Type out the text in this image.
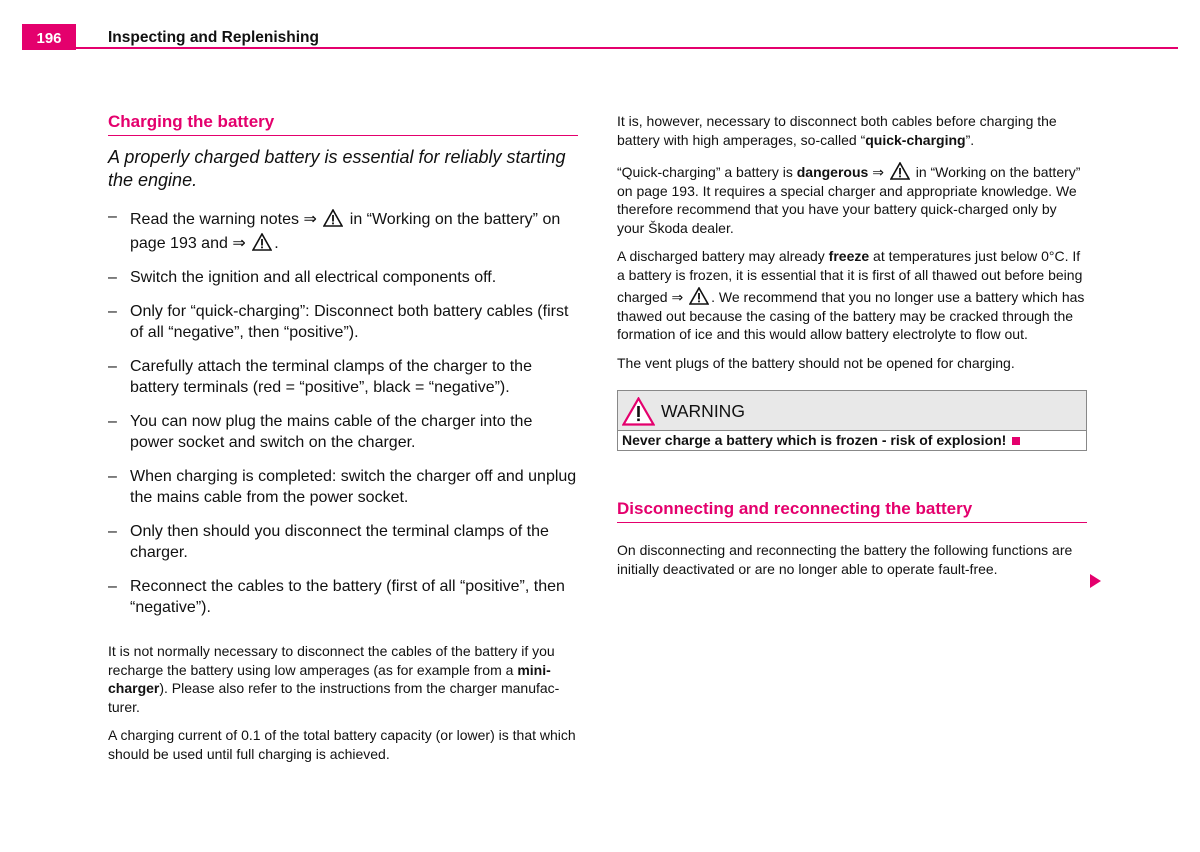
196	Inspecting and Replenishing
Charging the battery
A properly charged battery is essential for reliably starting the engine.
– Read the warning notes ⇒
in “Working on the battery” on page 193 and ⇒ .
– Switch the ignition and all electrical components off.
– Only for “quick-charging”: Disconnect both battery cables (first of all “negative”, then “positive”).
– Carefully attach the terminal clamps of the charger to the battery terminals (red = “positive”, black = “negative”).
– You can now plug the mains cable of the charger into the power socket and switch on the charger.
– When charging is completed: switch the charger off and unplug the mains cable from the power socket.
– Only then should you disconnect the terminal clamps of the charger.
– Reconnect the cables to the battery (first of all “positive”, then “negative”).

It is not normally necessary to disconnect the cables of the battery if you recharge the battery using low amperages (as for example from a mini-charger). Please also refer to the instructions from the charger manufac-turer.

A charging current of 0.1 of the total battery capacity (or lower) is that which should be used until full charging is achieved.

It is, however, necessary to disconnect both cables before charging the battery with high amperages, so-called “quick-charging”.

“Quick-charging” a battery is dangerous ⇒
in “Working on the battery” on page 193. It requires a special charger and appropriate knowledge. We therefore recommend that you have your battery quick-charged only by your Škoda dealer.

A discharged battery may already freeze at temperatures just below 0°C. If a battery is frozen, it is essential that it is first of all thawed out before being charged ⇒ . We recommend that you no longer use a battery which has thawed out because the casing of the battery may be cracked through the formation of ice and this would allow battery electrolyte to flow out.

The vent plugs of the battery should not be opened for charging.

WARNING
Never charge a battery which is frozen - risk of explosion!
Disconnecting and reconnecting the battery

On disconnecting and reconnecting the battery the following functions are initially deactivated or are no longer able to operate fault-free.
